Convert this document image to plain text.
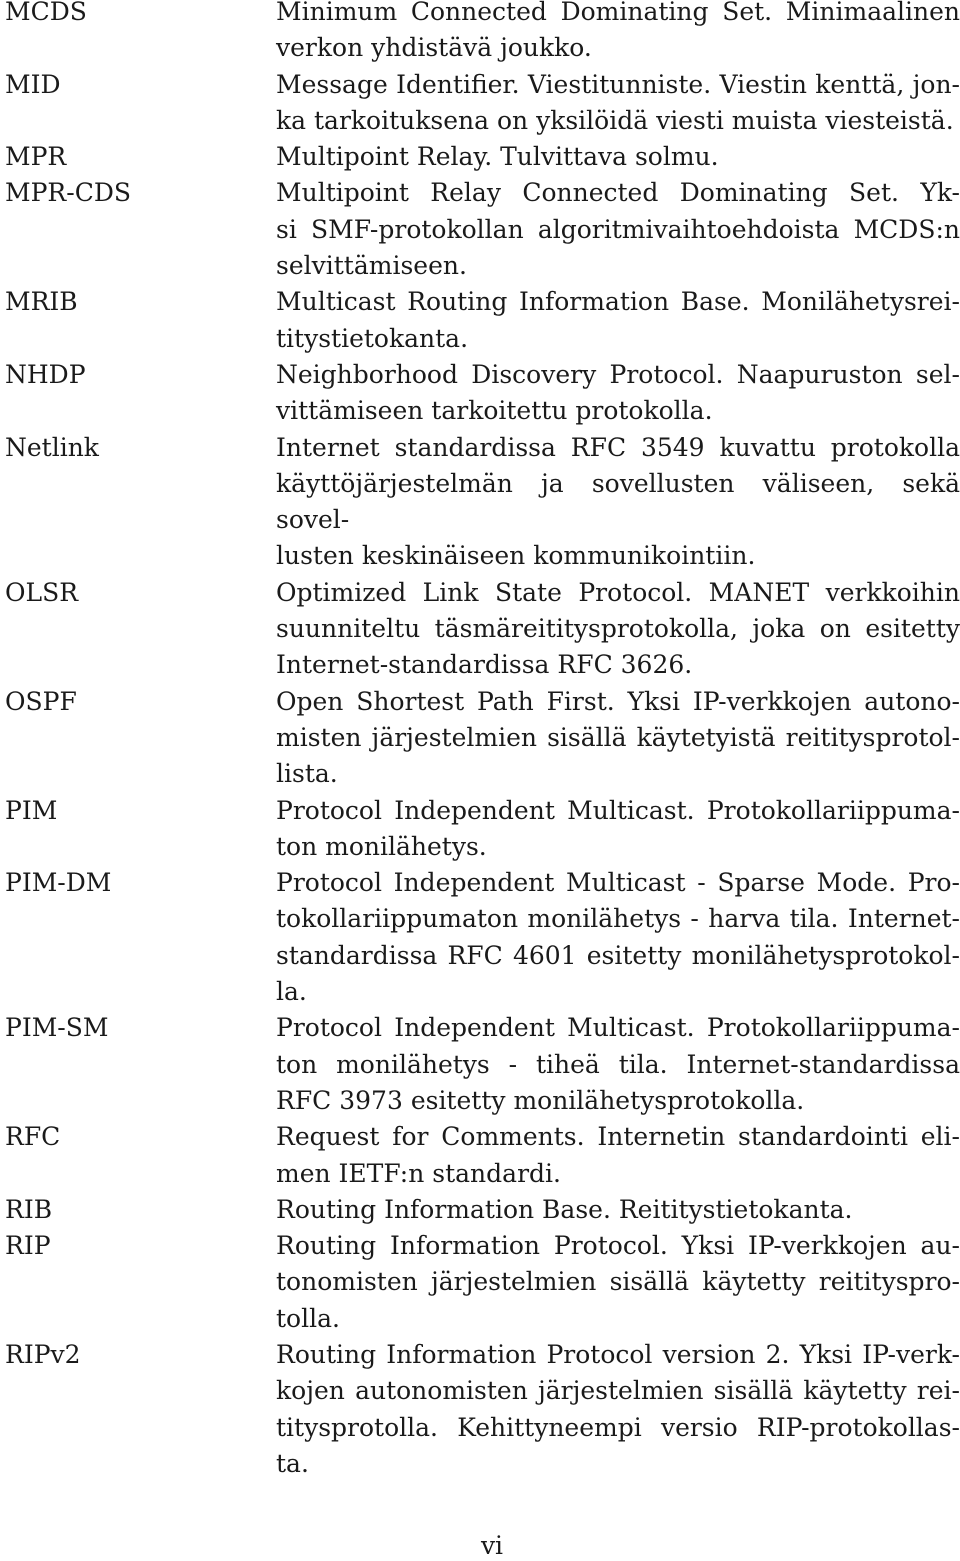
MCDS	Minimum Connected Dominating Set. Minimaalinen
verkon yhdistävä joukko.
MID	Message Identifier. Viestitunniste. Viestin kenttä, jon-
ka tarkoituksena on yksilöidä viesti muista viesteistä.
MPR	Multipoint Relay. Tulvittava solmu.
MPR-CDS	Multipoint Relay Connected Dominating Set. Yk-
si SMF-protokollan algoritmivaihtoehdoista MCDS:n
selvittämiseen.
MRIB	Multicast Routing Information Base. Monilähetysrei-
titystietokanta.
NHDP	Neighborhood Discovery Protocol. Naapuruston sel-
vittämiseen tarkoitettu protokolla.
Netlink	Internet standardissa RFC 3549 kuvattu protokolla
käyttöjärjestelmän ja sovellusten väliseen, sekä sovel-
lusten keskinäiseen kommunikointiin.
OLSR	Optimized Link State Protocol. MANET verkkoihin
suunniteltu täsmäreititysprotokolla, joka on esitetty
Internet-standardissa RFC 3626.
OSPF	Open Shortest Path First. Yksi IP-verkkojen autono-
misten järjestelmien sisällä käytetyistä reititysprotol-
lista.
PIM	Protocol Independent Multicast. Protokollariippuma-
ton monilähetys.
PIM-DM	Protocol Independent Multicast - Sparse Mode. Pro-
tokollariippumaton monilähetys - harva tila. Internet-
standardissa RFC 4601 esitetty monilähetysprotokol-
la.
PIM-SM	Protocol Independent Multicast. Protokollariippuma-
ton monilähetys - tiheä tila. Internet-standardissa
RFC 3973 esitetty monilähetysprotokolla.
RFC	Request for Comments. Internetin standardointi eli-
men IETF:n standardi.
RIB	Routing Information Base. Reititystietokanta.
RIP	Routing Information Protocol. Yksi IP-verkkojen au-
tonomisten järjestelmien sisällä käytetty reitityspro-
tolla.
RIPv2	Routing Information Protocol version 2. Yksi IP-verk-
kojen autonomisten järjestelmien sisällä käytetty rei-
titysprotolla. Kehittyneempi versio RIP-protokollas-
ta.
vi
